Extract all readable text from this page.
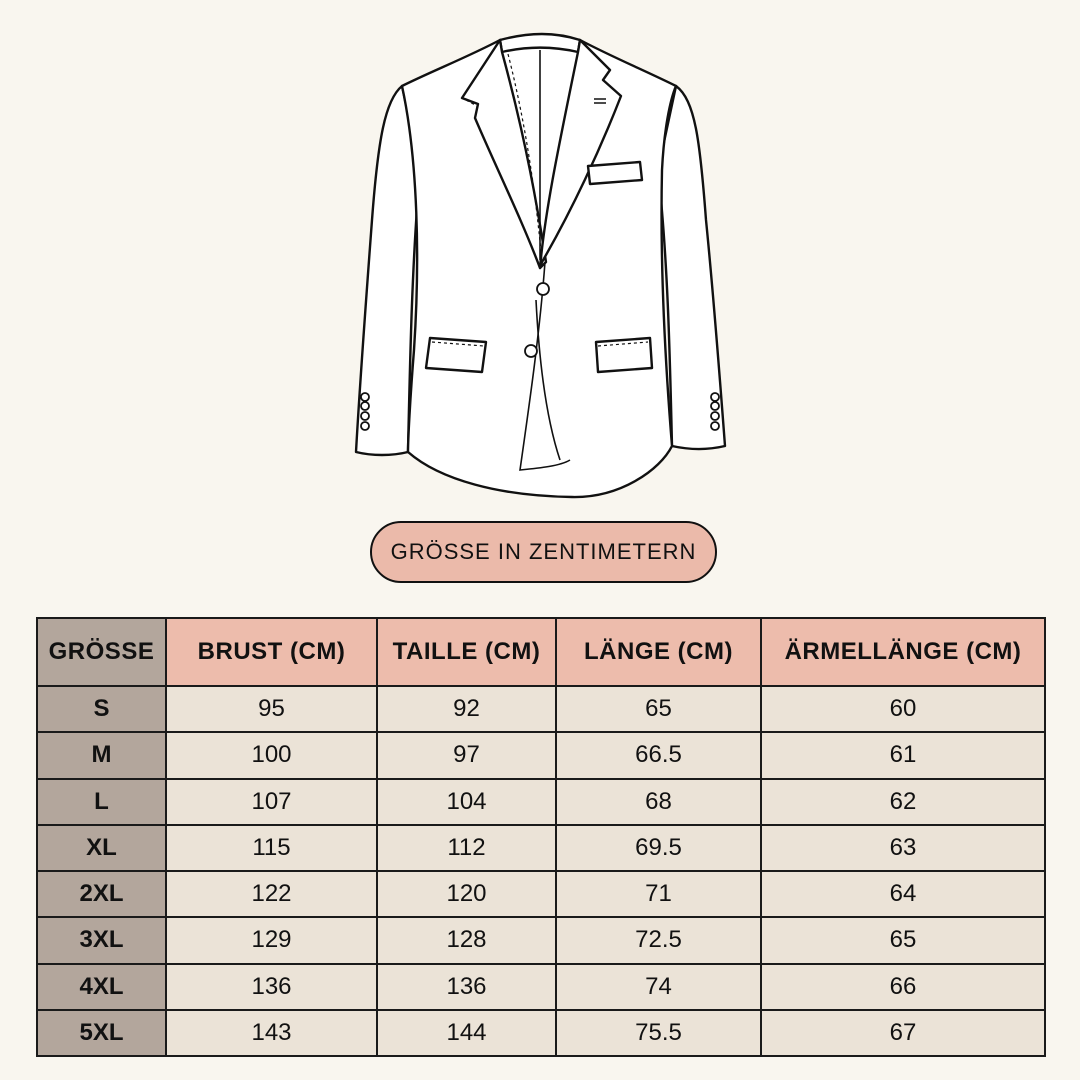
GRÖSSE IN ZENTIMETERN
GRÖSSE	BRUST (CM)	TAILLE (CM)	LÄNGE (CM)	ÄRMELLÄNGE (CM)
S	95	92	65	60
M	100	97	66.5	61
L	107	104	68	62
XL	115	112	69.5	63
2XL	122	120	71	64
3XL	129	128	72.5	65
4XL	136	136	74	66
5XL	143	144	75.5	67
